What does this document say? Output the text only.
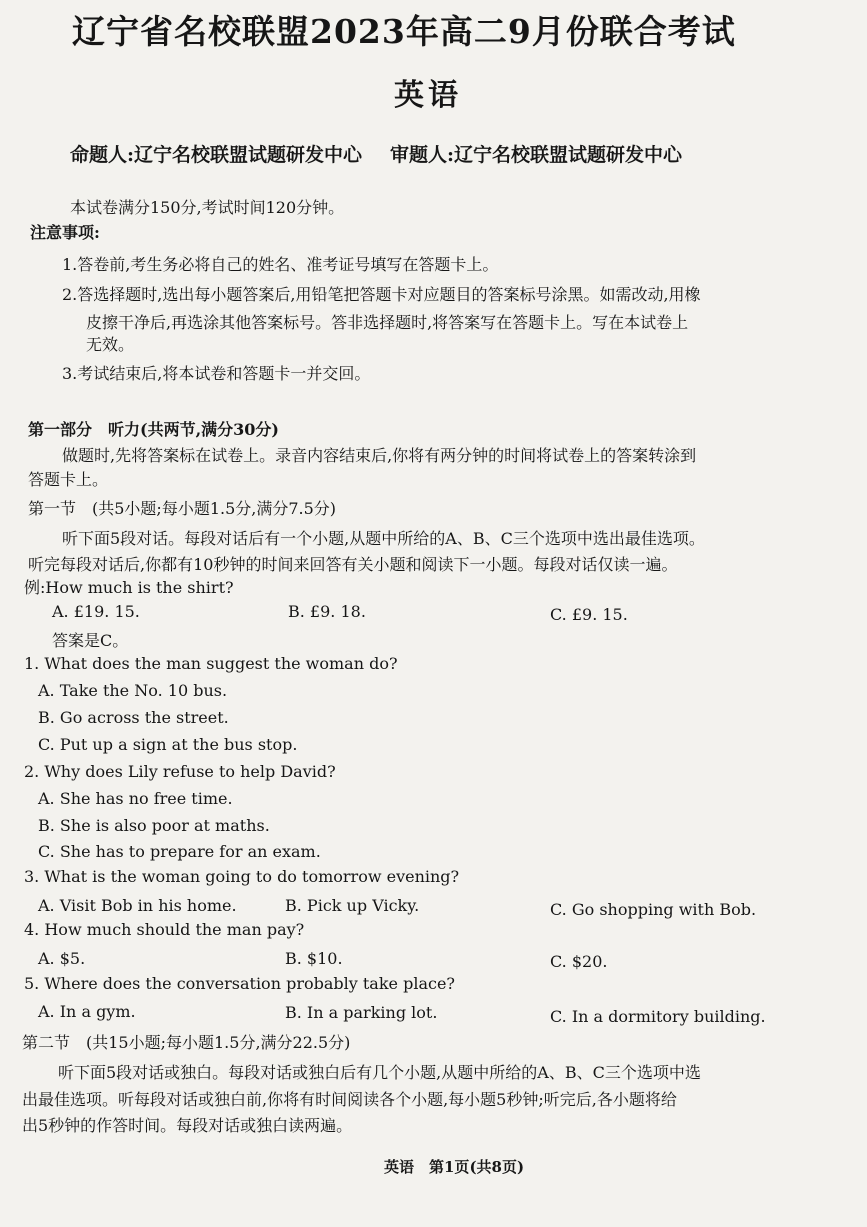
辽宁省名校联盟2023年高二9月份联合考试
英语
命题人:辽宁名校联盟试题研发中心 审题人:辽宁名校联盟试题研发中心
本试卷满分150分,考试时间120分钟。
注意事项:
1.答卷前,考生务必将自己的姓名、准考证号填写在答题卡上。
2.答选择题时,选出每小题答案后,用铅笔把答题卡对应题目的答案标号涂黑。如需改动,用橡
皮擦干净后,再选涂其他答案标号。答非选择题时,将答案写在答题卡上。写在本试卷上
无效。
3.考试结束后,将本试卷和答题卡一并交回。
第一部分　听力(共两节,满分30分)
做题时,先将答案标在试卷上。录音内容结束后,你将有两分钟的时间将试卷上的答案转涂到
答题卡上。
第一节　(共5小题;每小题1.5分,满分7.5分)
听下面5段对话。每段对话后有一个小题,从题中所给的A、B、C三个选项中选出最佳选项。
听完每段对话后,你都有10秒钟的时间来回答有关小题和阅读下一小题。每段对话仅读一遍。
例:How much is the shirt?
A. £19. 15.	B. £9. 18.	C. £9. 15.
答案是C。
1. What does the man suggest the woman do?
A. Take the No. 10 bus.
B. Go across the street.
C. Put up a sign at the bus stop.
2. Why does Lily refuse to help David?
A. She has no free time.
B. She is also poor at maths.
C. She has to prepare for an exam.
3. What is the woman going to do tomorrow evening?
A. Visit Bob in his home.	B. Pick up Vicky.	C. Go shopping with Bob.
4. How much should the man pay?
A. $5.	B. $10.	C. $20.
5. Where does the conversation probably take place?
A. In a gym.	B. In a parking lot.	C. In a dormitory building.
第二节　(共15小题;每小题1.5分,满分22.5分)
听下面5段对话或独白。每段对话或独白后有几个小题,从题中所给的A、B、C三个选项中选
出最佳选项。听每段对话或独白前,你将有时间阅读各个小题,每小题5秒钟;听完后,各小题将给
出5秒钟的作答时间。每段对话或独白读两遍。
英语　第1页(共8页)
